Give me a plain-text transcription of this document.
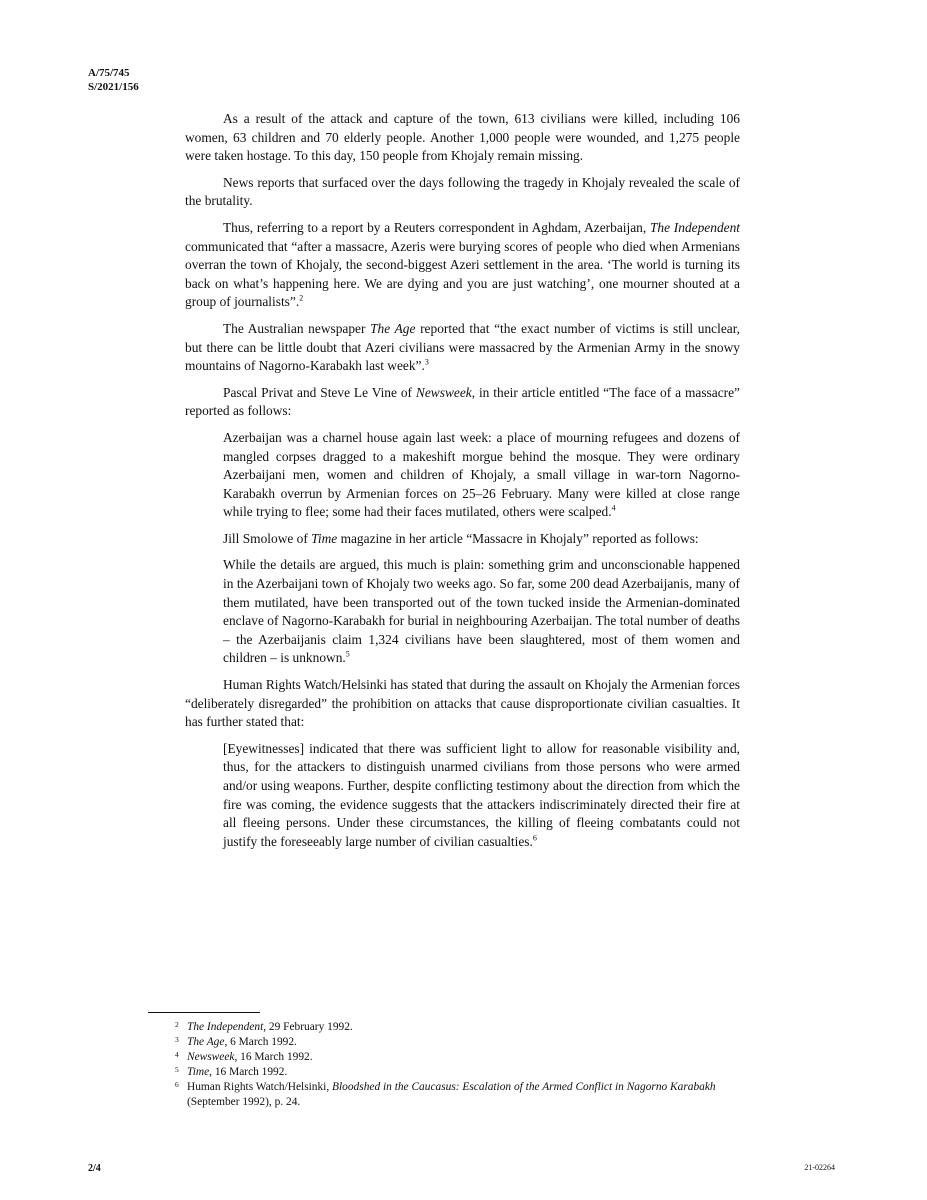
A/75/745
S/2021/156

As a result of the attack and capture of the town, 613 civilians were killed, including 106 women, 63 children and 70 elderly people. Another 1,000 people were wounded, and 1,275 people were taken hostage. To this day, 150 people from Khojaly remain missing.

News reports that surfaced over the days following the tragedy in Khojaly revealed the scale of the brutality.

Thus, referring to a report by a Reuters correspondent in Aghdam, Azerbaijan, The Independent communicated that “after a massacre, Azeris were burying scores of people who died when Armenians overran the town of Khojaly, the second-biggest Azeri settlement in the area. ‘The world is turning its back on what’s happening here. We are dying and you are just watching’, one mourner shouted at a group of journalists”.$^2$

The Australian newspaper The Age reported that “the exact number of victims is still unclear, but there can be little doubt that Azeri civilians were massacred by the Armenian Army in the snowy mountains of Nagorno-Karabakh last week”.$^3$

Pascal Privat and Steve Le Vine of Newsweek, in their article entitled “The face of a massacre” reported as follows:

Azerbaijan was a charnel house again last week: a place of mourning refugees and dozens of mangled corpses dragged to a makeshift morgue behind the mosque. They were ordinary Azerbaijani men, women and children of Khojaly, a small village in war-torn Nagorno-Karabakh overrun by Armenian forces on 25–26 February. Many were killed at close range while trying to flee; some had their faces mutilated, others were scalped.$^4$

Jill Smolowe of Time magazine in her article “Massacre in Khojaly” reported as follows:

While the details are argued, this much is plain: something grim and unconscionable happened in the Azerbaijani town of Khojaly two weeks ago. So far, some 200 dead Azerbaijanis, many of them mutilated, have been transported out of the town tucked inside the Armenian-dominated enclave of Nagorno-Karabakh for burial in neighbouring Azerbaijan. The total number of deaths – the Azerbaijanis claim 1,324 civilians have been slaughtered, most of them women and children – is unknown.$^5$

Human Rights Watch/Helsinki has stated that during the assault on Khojaly the Armenian forces “deliberately disregarded” the prohibition on attacks that cause disproportionate civilian casualties. It has further stated that:

[Eyewitnesses] indicated that there was sufficient light to allow for reasonable visibility and, thus, for the attackers to distinguish unarmed civilians from those persons who were armed and/or using weapons. Further, despite conflicting testimony about the direction from which the fire was coming, the evidence suggests that the attackers indiscriminately directed their fire at all fleeing persons. Under these circumstances, the killing of fleeing combatants could not justify the foreseeably large number of civilian casualties.$^6$
2 The Independent, 29 February 1992.
3 The Age, 6 March 1992.
4 Newsweek, 16 March 1992.
5 Time, 16 March 1992.
6 Human Rights Watch/Helsinki, Bloodshed in the Caucasus: Escalation of the Armed Conflict in Nagorno Karabakh (September 1992), p. 24.
2/4	21-02264
